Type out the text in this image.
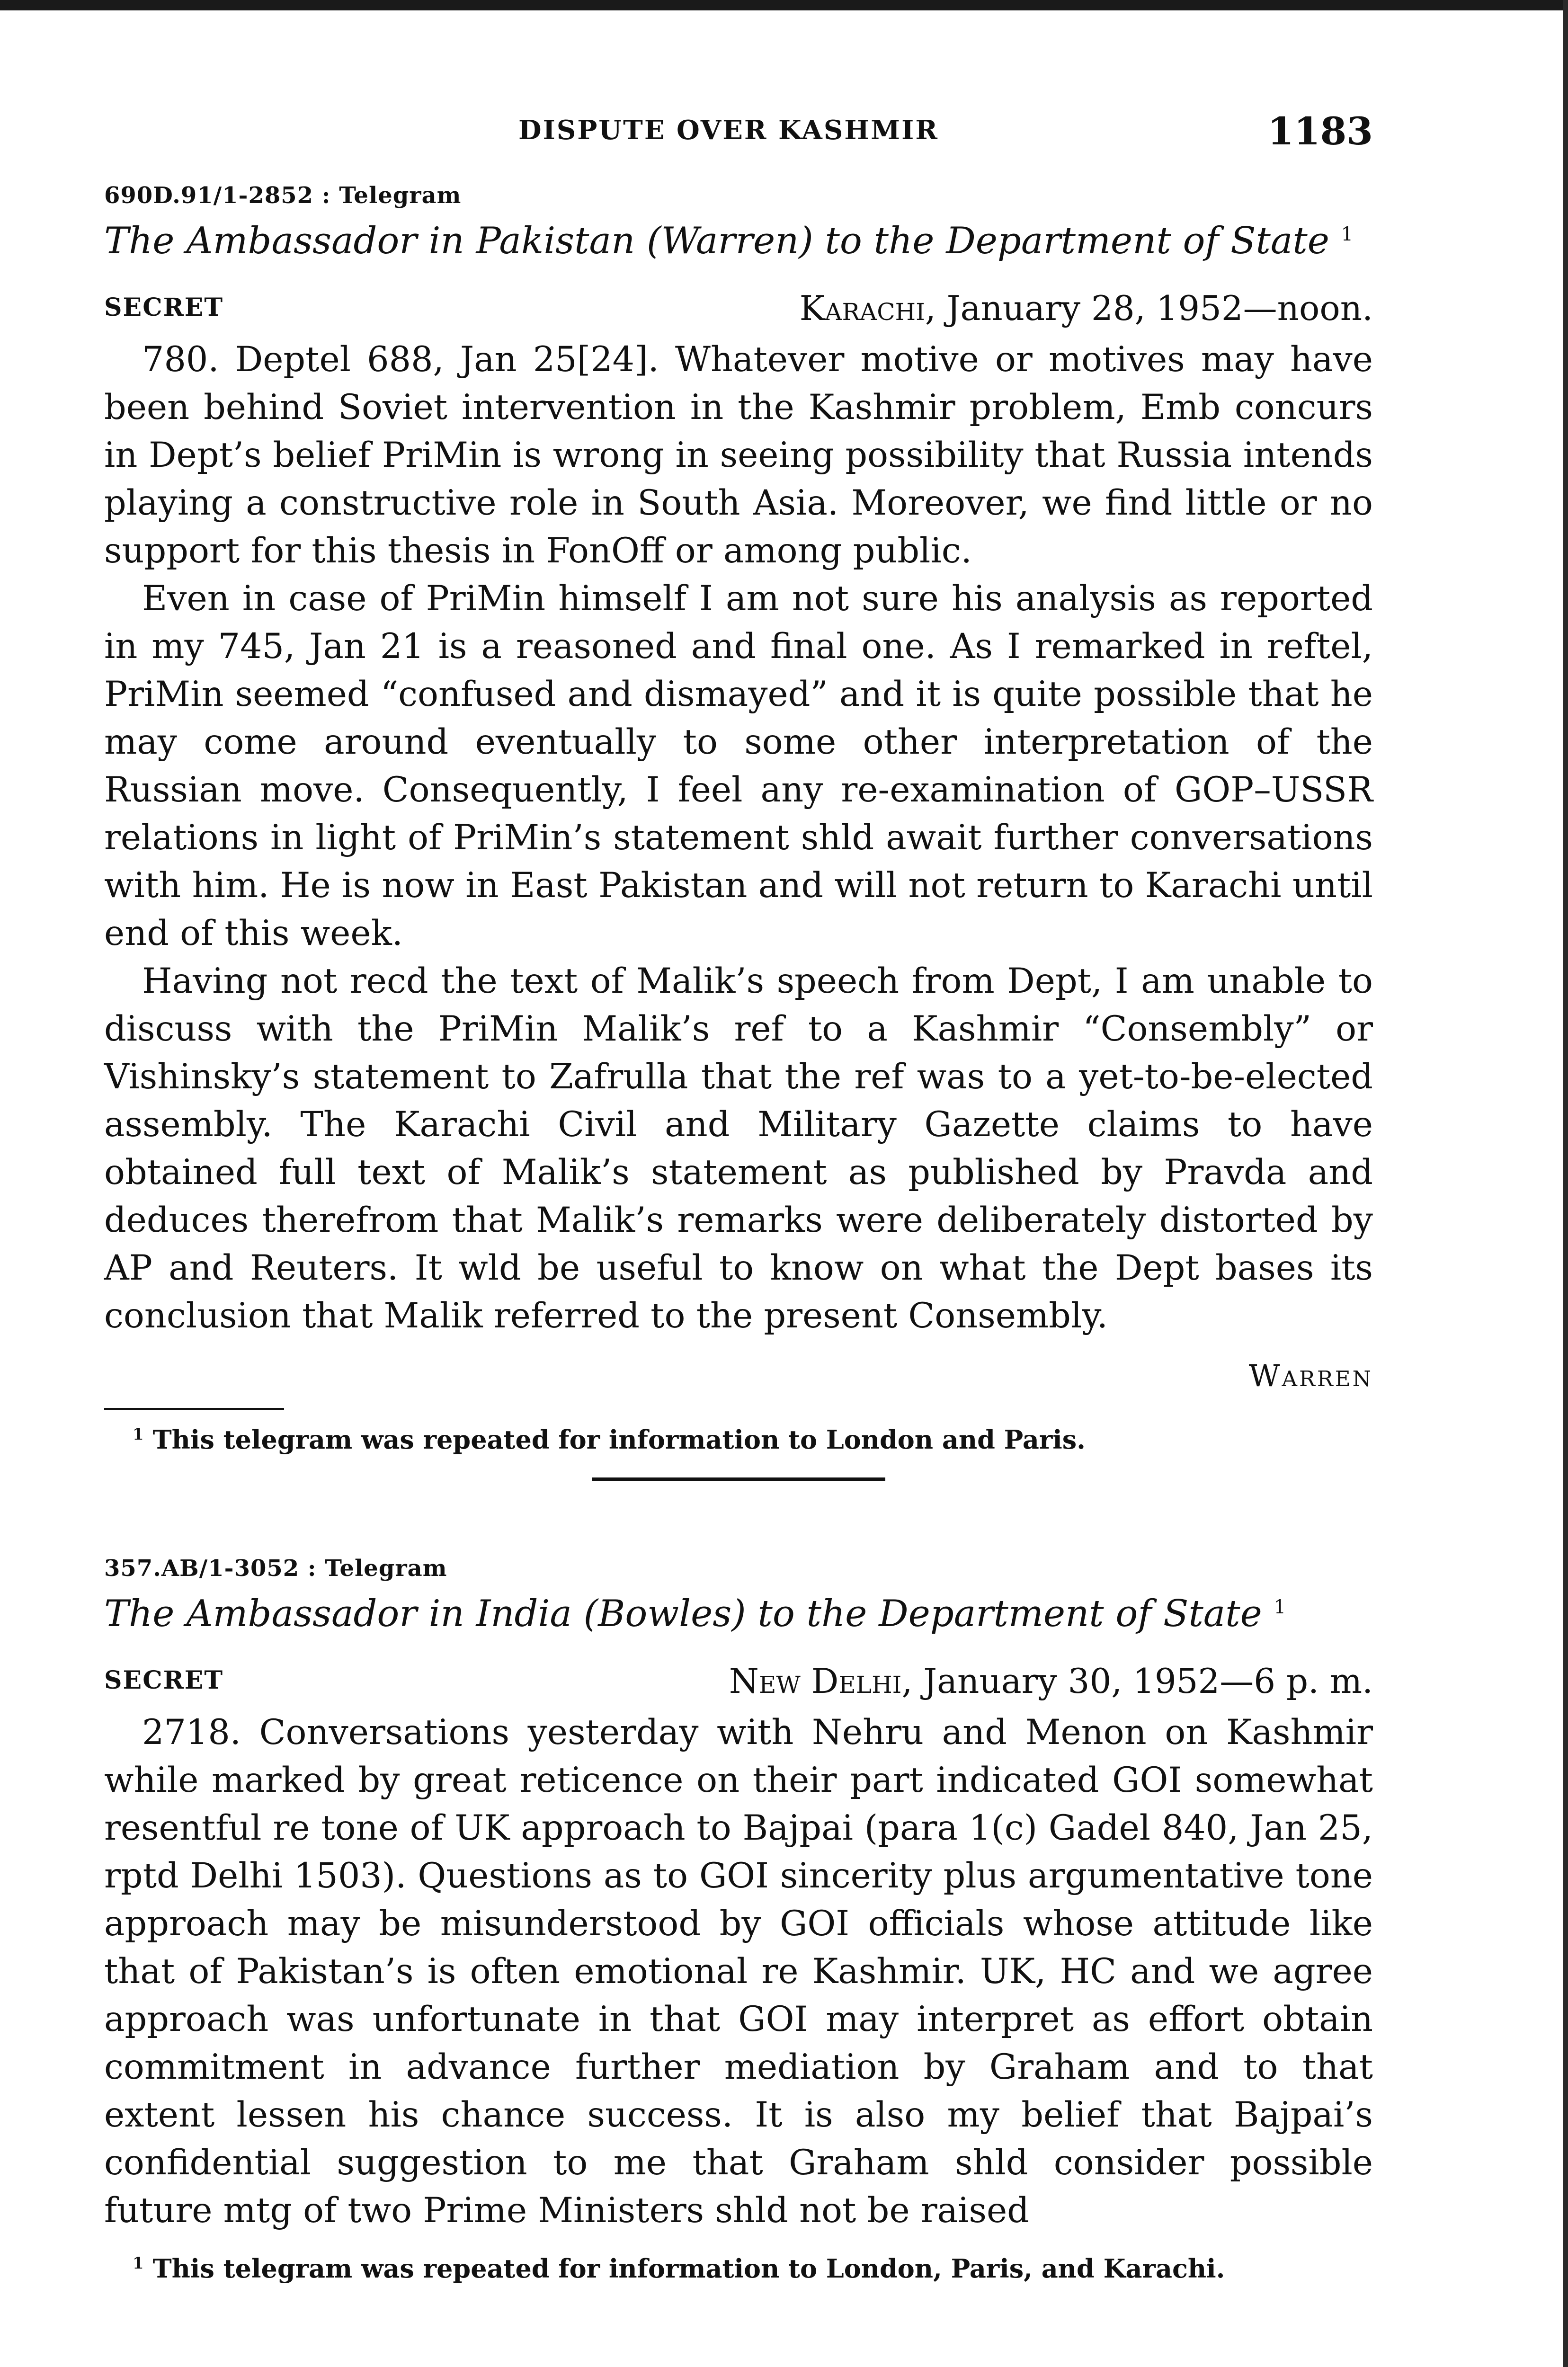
DISPUTE OVER KASHMIR	1183
690D.91/1-2852 : Telegram
The Ambassador in Pakistan (Warren) to the Department of State $^1$
SECRET	Karachi, January 28, 1952—noon.

780. Deptel 688, Jan 25[24]. Whatever motive or motives may have been behind Soviet intervention in the Kashmir problem, Emb concurs in Dept’s belief PriMin is wrong in seeing possibility that Russia intends playing a constructive role in South Asia. Moreover, we find little or no support for this thesis in FonOff or among public.

Even in case of PriMin himself I am not sure his analysis as reported in my 745, Jan 21 is a reasoned and final one. As I remarked in reftel, PriMin seemed “confused and dismayed” and it is quite possible that he may come around eventually to some other interpretation of the Russian move. Consequently, I feel any re-examination of GOP–USSR relations in light of PriMin’s statement shld await further conversations with him. He is now in East Pakistan and will not return to Karachi until end of this week.

Having not recd the text of Malik’s speech from Dept, I am unable to discuss with the PriMin Malik’s ref to a Kashmir “Consembly” or Vishinsky’s statement to Zafrulla that the ref was to a yet-to-be-elected assembly. The Karachi Civil and Military Gazette claims to have obtained full text of Malik’s statement as published by Pravda and deduces therefrom that Malik’s remarks were deliberately distorted by AP and Reuters. It wld be useful to know on what the Dept bases its conclusion that Malik referred to the present Consembly.

Warren
$^1$ This telegram was repeated for information to London and Paris.
357.AB/1-3052 : Telegram
The Ambassador in India (Bowles) to the Department of State $^1$
SECRET	New Delhi, January 30, 1952—6 p. m.

2718. Conversations yesterday with Nehru and Menon on Kashmir while marked by great reticence on their part indicated GOI somewhat resentful re tone of UK approach to Bajpai (para 1(c) Gadel 840, Jan 25, rptd Delhi 1503). Questions as to GOI sincerity plus argumentative tone approach may be misunderstood by GOI officials whose attitude like that of Pakistan’s is often emotional re Kashmir. UK, HC and we agree approach was unfortunate in that GOI may interpret as effort obtain commitment in advance further mediation by Graham and to that extent lessen his chance success. It is also my belief that Bajpai’s confidential suggestion to me that Graham shld consider possible future mtg of two Prime Ministers shld not be raised

$^1$ This telegram was repeated for information to London, Paris, and Karachi.
